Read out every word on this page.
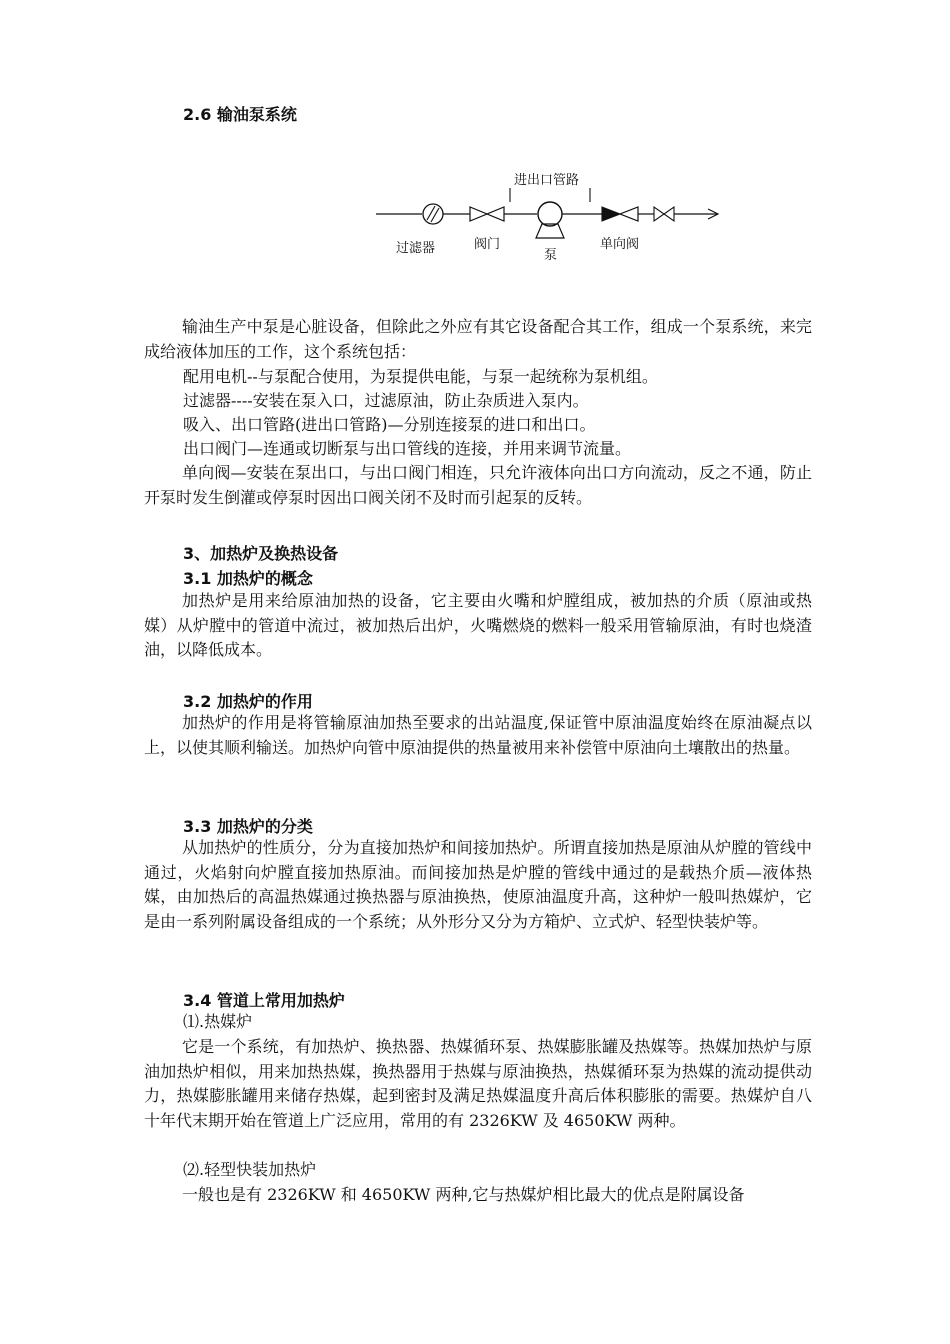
2.6 输油泵系统
进出口管路
过滤器	阀门
泵
单向阀

输油生产中泵是心脏设备，但除此之外应有其它设备配合其工作，组成一个泵系统，来完成给液体加压的工作，这个系统包括：

配用电机--与泵配合使用，为泵提供电能，与泵一起统称为泵机组。
过滤器----安装在泵入口，过滤原油，防止杂质进入泵内。
吸入、出口管路(进出口管路)—分别连接泵的进口和出口。
出口阀门—连通或切断泵与出口管线的连接，并用来调节流量。

单向阀—安装在泵出口，与出口阀门相连，只允许液体向出口方向流动，反之不通，防止开泵时发生倒灌或停泵时因出口阀关闭不及时而引起泵的反转。

3、加热炉及换热设备
3.1 加热炉的概念

加热炉是用来给原油加热的设备，它主要由火嘴和炉膛组成，被加热的介质（原油或热媒）从炉膛中的管道中流过，被加热后出炉，火嘴燃烧的燃料一般采用管输原油，有时也烧渣油，以降低成本。

3.2 加热炉的作用

加热炉的作用是将管输原油加热至要求的出站温度,保证管中原油温度始终在原油凝点以上，以使其顺利输送。加热炉向管中原油提供的热量被用来补偿管中原油向土壤散出的热量。

3.3 加热炉的分类

从加热炉的性质分，分为直接加热炉和间接加热炉。所谓直接加热是原油从炉膛的管线中通过，火焰射向炉膛直接加热原油。而间接加热是炉膛的管线中通过的是载热介质—液体热媒，由加热后的高温热媒通过换热器与原油换热，使原油温度升高，这种炉一般叫热媒炉，它是由一系列附属设备组成的一个系统；从外形分又分为方箱炉、立式炉、轻型快装炉等。

3.4 管道上常用加热炉
⑴.热媒炉

它是一个系统，有加热炉、换热器、热媒循环泵、热媒膨胀罐及热媒等。热媒加热炉与原油加热炉相似，用来加热热媒，换热器用于热媒与原油换热，热媒循环泵为热媒的流动提供动力，热媒膨胀罐用来储存热媒，起到密封及满足热媒温度升高后体积膨胀的需要。热媒炉自八十年代末期开始在管道上广泛应用，常用的有 2326KW 及 4650KW 两种。

⑵.轻型快装加热炉

一般也是有 2326KW 和 4650KW 两种,它与热媒炉相比最大的优点是附属设备
